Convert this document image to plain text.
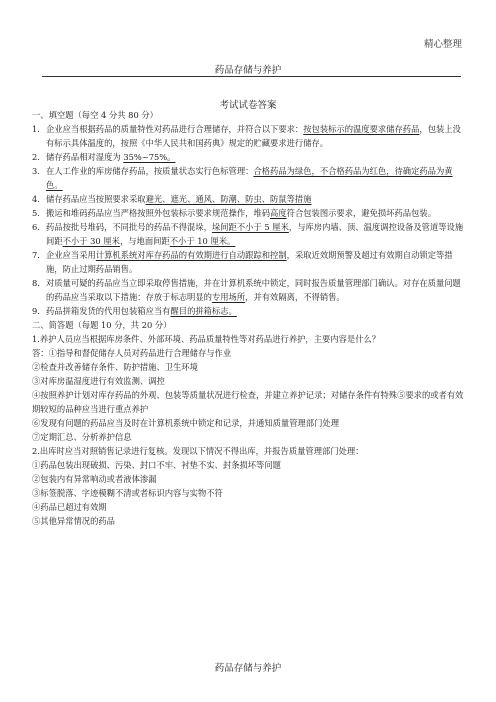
精心整理
药品存储与养护
考试试卷答案

一、填空题（每空 4 分共 80 分）

1. 企业应当根据药品的质量特性对药品进行合理储存，并符合以下要求：按包装标示的温度要求储存药品，包装上没有标示具体温度的，按照《中华人民共和国药典》规定的贮藏要求进行储存。

2. 储存药品相对湿度为 35%~75%。

3. 在人工作业的库房储存药品，按质量状态实行色标管理：合格药品为绿色，不合格药品为红色，待确定药品为黄色。

4. 储存药品应当按照要求采取避光、遮光、通风、防潮、防虫、防鼠等措施

5. 搬运和堆码药品应当严格按照外包装标示要求规范操作，堆码高度符合包装图示要求，避免损坏药品包装。

6. 药品按批号堆码，不同批号的药品不得混垛，垛间距不小于 5 厘米，与库房内墙、顶、温度调控设备及管道等设施间距不小于 30 厘米，与地面间距不小于 10 厘米。

7. 企业应当采用计算机系统对库存药品的有效期进行自动跟踪和控制，采取近效期预警及超过有效期自动锁定等措施，防止过期药品销售。

8. 对质量可疑的药品应当立即采取停售措施，并在计算机系统中锁定，同时报告质量管理部门确认。对存在质量问题的药品应当采取以下措施：存放于标志明显的专用场所，并有效隔离，不得销售。

9. 药品拼箱发货的代用包装箱应当有醒目的拼箱标志。

二、简答题（每题 10 分，共 20 分）

1.养护人员应当根据库房条件、外部环境、药品质量特性等对药品进行养护，主要内容是什么？

答：①指导和督促储存人员对药品进行合理储存与作业

②检查并改善储存条件、防护措施、卫生环境

③对库房温湿度进行有效监测、调控

④按照养护计划对库存药品的外观、包装等质量状况进行检查，并建立养护记录；对储存条件有特殊⑤要求的或者有效期较短的品种应当进行重点养护

⑥发现有问题的药品应当及时在计算机系统中锁定和记录，并通知质量管理部门处理

⑦定期汇总、分析养护信息

2.出库时应当对照销售记录进行复核。发现以下情况不得出库，并报告质量管理部门处理：

①药品包装出现破损、污染、封口不牢、衬垫不实、封条损坏等问题

②包装内有异常响动或者液体渗漏

③标签脱落、字迹模糊不清或者标识内容与实物不符

④药品已超过有效期

⑤其他异常情况的药品

药品存储与养护
